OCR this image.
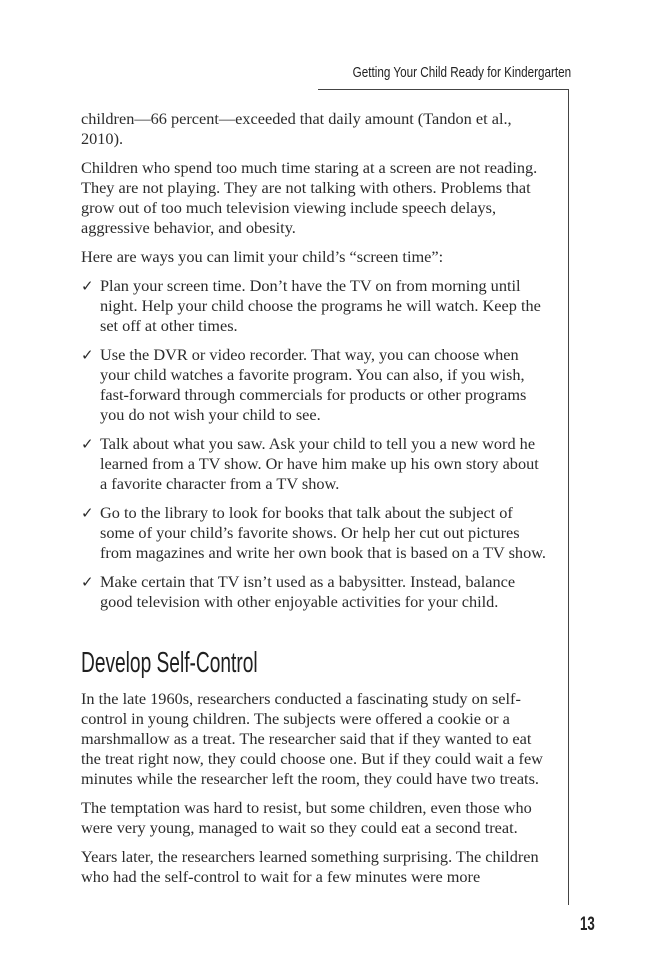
Getting Your Child Ready for Kindergarten

children—66 percent—exceeded that daily amount (Tandon et al., 2010).

Children who spend too much time staring at a screen are not reading. They are not playing. They are not talking with others. Problems that grow out of too much television viewing include speech delays, aggressive behavior, and obesity.

Here are ways you can limit your child’s “screen time”:

✓ Plan your screen time. Don’t have the TV on from morning until night. Help your child choose the programs he will watch. Keep the set off at other times.
✓ Use the DVR or video recorder. That way, you can choose when your child watches a favorite program. You can also, if you wish, fast-forward through commercials for products or other programs you do not wish your child to see.
✓ Talk about what you saw. Ask your child to tell you a new word he learned from a TV show. Or have him make up his own story about a favorite character from a TV show.
✓ Go to the library to look for books that talk about the subject of some of your child’s favorite shows. Or help her cut out pictures from magazines and write her own book that is based on a TV show.
✓ Make certain that TV isn’t used as a babysitter. Instead, balance good television with other enjoyable activities for your child.
Develop Self-Control

In the late 1960s, researchers conducted a fascinating study on self-control in young children. The subjects were offered a cookie or a marshmallow as a treat. The researcher said that if they wanted to eat the treat right now, they could choose one. But if they could wait a few minutes while the researcher left the room, they could have two treats.

The temptation was hard to resist, but some children, even those who were very young, managed to wait so they could eat a second treat.

Years later, the researchers learned something surprising. The children who had the self-control to wait for a few minutes were more

13
